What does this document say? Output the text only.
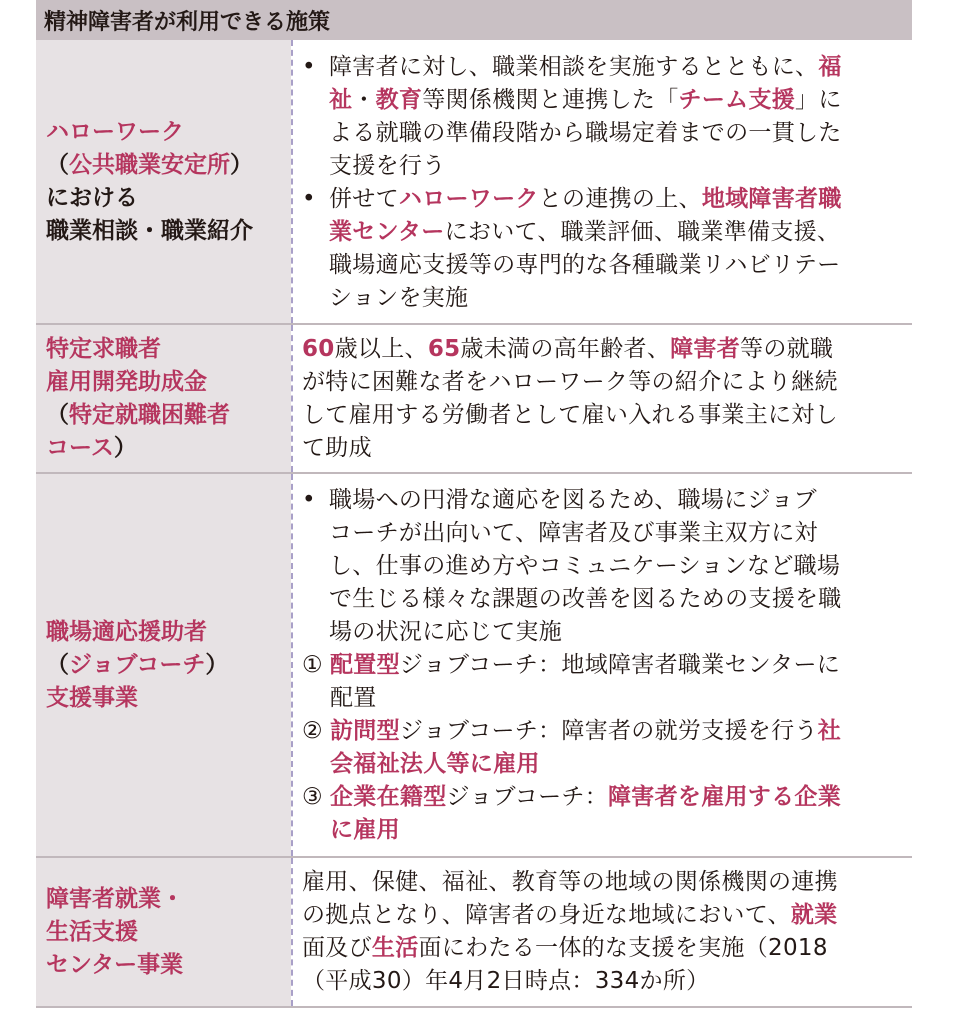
精神障害者が利用できる施策
ハローワーク
（公共職業安定所）
における
職業相談・職業紹介
• 障害者に対し、職業相談を実施するとともに、福
祉・教育等関係機関と連携した「チーム支援」に
よる就職の準備段階から職場定着までの一貫した
支援を行う
• 併せてハローワークとの連携の上、地域障害者職
業センターにおいて、職業評価、職業準備支援、
職場適応支援等の専門的な各種職業リハビリテー
ションを実施
特定求職者
雇用開発助成金
（特定就職困難者
コース）
60歳以上、65歳未満の高年齢者、障害者等の就職
が特に困難な者をハローワーク等の紹介により継続
して雇用する労働者として雇い入れる事業主に対し
て助成
職場適応援助者
（ジョブコーチ）
支援事業
• 職場への円滑な適応を図るため、職場にジョブ
コーチが出向いて、障害者及び事業主双方に対
し、仕事の進め方やコミュニケーションなど職場
で生じる様々な課題の改善を図るための支援を職
場の状況に応じて実施
① 配置型ジョブコーチ：地域障害者職業センターに
配置
② 訪問型ジョブコーチ：障害者の就労支援を行う社
会福祉法人等に雇用
③ 企業在籍型ジョブコーチ：障害者を雇用する企業
に雇用
障害者就業・
生活支援
センター事業
雇用、保健、福祉、教育等の地域の関係機関の連携
の拠点となり、障害者の身近な地域において、就業
面及び生活面にわたる一体的な支援を実施（2018
（平成30）年4月2日時点：334か所）
